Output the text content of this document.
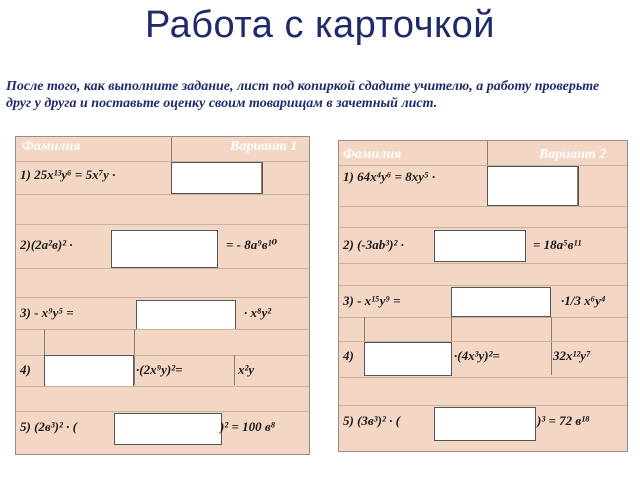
Работа с карточкой
После того, как выполните задание, лист под копиркой сдадите учителю, а работу проверьте друг у друга и поставьте оценку своим товарищам в зачетный лист.
Фамилия	Вариант 1
1) 25x¹³y⁶ = 5x⁷y ·
2)(2a²в)² ·	= - 8a⁹в¹⁰
3) - x⁹y⁵ =	· x⁸y²
4)	·(2x⁹y)²=	x²y
5) (2в³)² · (	)² = 100 в⁸
Фамилия	Вариант 2
1) 64x⁴y⁶ = 8xy⁵ ·
2) (-3ab³)² ·	= 18a⁵в¹¹
3) - x¹⁵y⁹ =	·1/3 x⁶y⁴
4)	·(4x³y)²=	32x¹²y⁷
5) (3в³)² · (	)³ = 72 в¹⁸
